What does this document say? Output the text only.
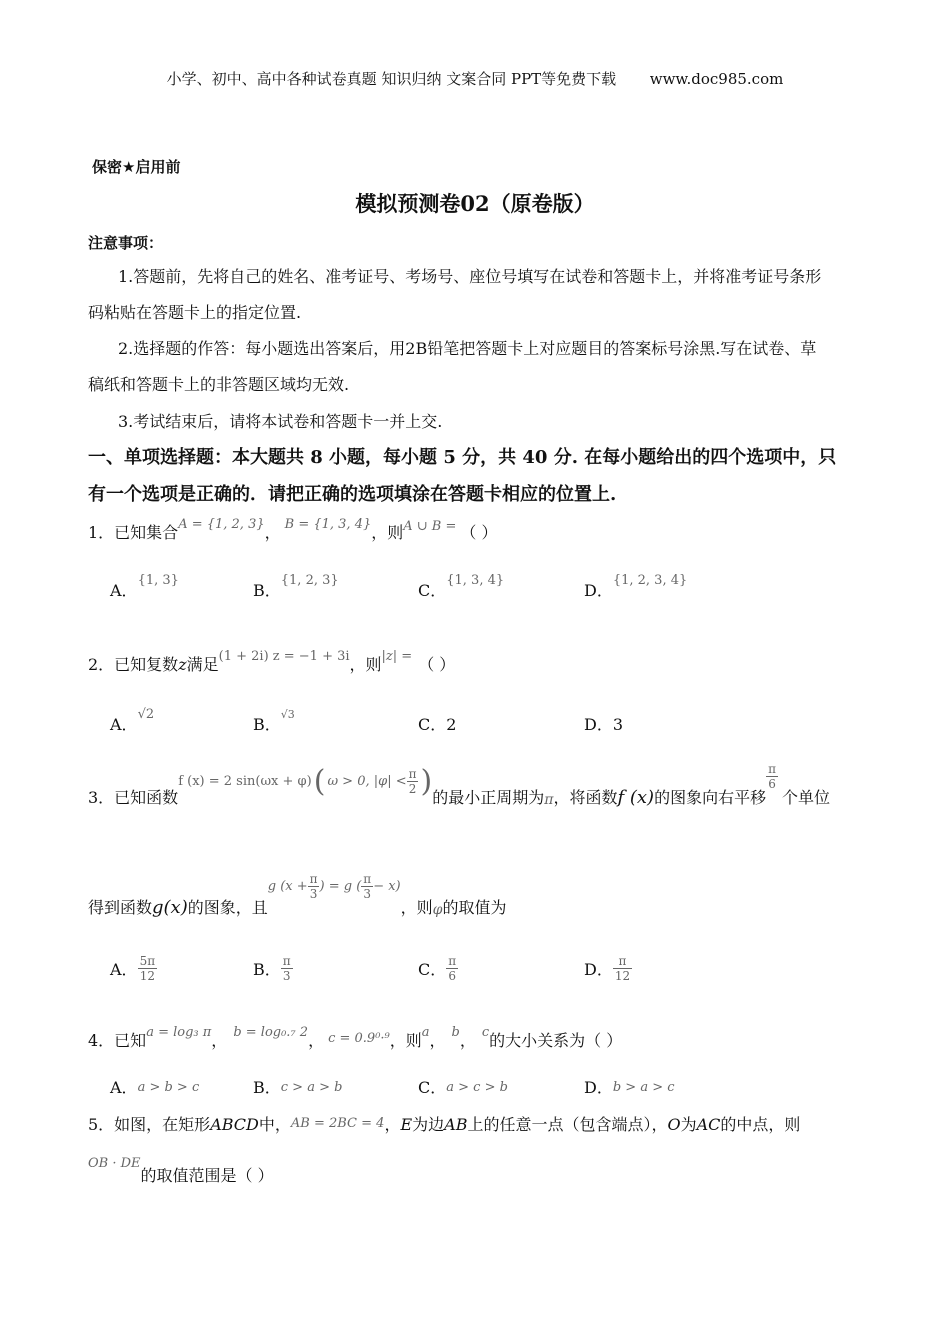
小学、初中、高中各种试卷真题 知识归纳 文案合同 PPT等免费下载 www.doc985.com
保密★启用前
模拟预测卷02（原卷版）
注意事项：
1.答题前，先将自己的姓名、准考证号、考场号、座位号填写在试卷和答题卡上，并将准考证号条形
码粘贴在答题卡上的指定位置.
2.选择题的作答：每小题选出答案后，用2B铅笔把答题卡上对应题目的答案标号涂黑.写在试卷、草
稿纸和答题卡上的非答题区域均无效.
3.考试结束后，请将本试卷和答题卡一并上交.
一、单项选择题：本大题共 8 小题，每小题 5 分，共 40 分. 在每小题给出的四个选项中，只
有一个选项是正确的．请把正确的选项填涂在答题卡相应的位置上.
1．已知集合$^{A = \{1, 2, 3\}}$， $^{B = \{1, 3, 4\}}$，则$^{A \cup B =}$ （ ）
A．$^{\{1, 3\}}$
B．$^{\{1, 2, 3\}}$
C．$^{\{1, 3, 4\}}$
D．$^{\{1, 2, 3, 4\}}$
2．已知复数z满足$^{(1 + 2i) z = -1 + 3i}$，则$^{|z| =}$ （ ）
A．$^{√2}$
B．$^{√3}$
C．2	D．3
3．已知函数
f (x) = 2 sin(ωx + φ) ( ω > 0, $|\varphi| < \frac{\pi}{2}$ ) 的最小正周期为 π ，将函数 f (x) 的图象向右平移
$\frac{\pi}{6}$
个单位
得到函数 g(x) 的图象，且
g ($x + \frac{\pi}{3}$ ) = g ( $\frac{\pi}{3} - x$)
，则 φ 的取值为
A． $\frac{5\pi}{12}$	B． $\frac{\pi}{3}$	C． $\frac{\pi}{6}$	D． $\frac{\pi}{12}$
4．已知$^{a = log_3 \pi}$， $^{b = log_0._7 2}$， $^{c = 0.9^0\cdot^9}$，则$^a$， $^b$， $^c$的大小关系为（ ）
A．a > b > c	B．c > a > b	C．a > c > b	D．b > a > c
5．如图，在矩形ABCD中，AB = 2BC = 4，E为边AB上的任意一点（包含端点），O为AC的中点，则
$^{OB \cdot DE}$的取值范围是（ ）
